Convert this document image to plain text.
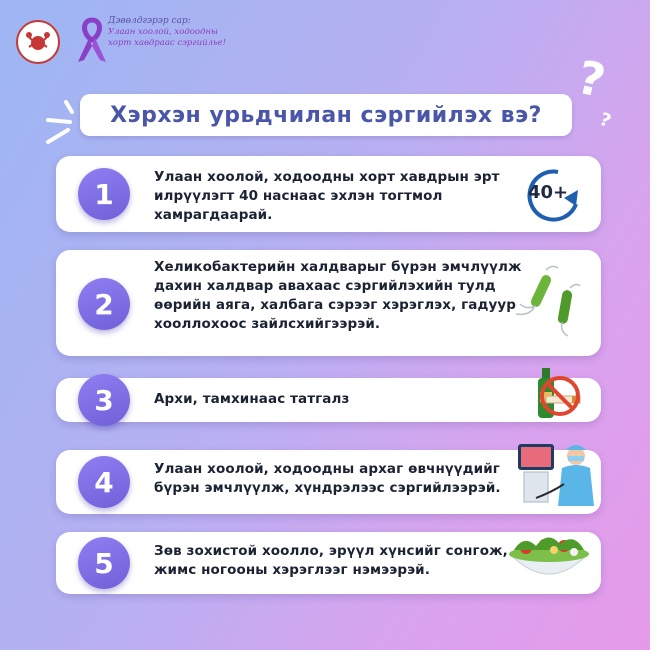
Дэвөлдгэрэр сар:
Улаан хоолой, ходоодны
хорт хавдраас сэргийлье!
?
?
Хэрхэн урьдчилан сэргийлэх вэ?
1
Улаан хоолой, ходоодны хорт хавдрын эрт илрүүлэгт 40 наснаас эхлэн тогтмол хамрагдаарай.
40+
2
Хеликобактерийн халдварыг бүрэн эмчлүүлж дахин халдвар авахаас сэргийлэхийн тулд өөрийн аяга, халбага сэрээг хэрэглэх, гадуур хооллохоос зайлсхийгээрэй.
3	Архи, тамхинаас татгалз
4	Улаан хоолой, ходоодны архаг өвчнүүдийг бүрэн эмчлүүлж, хүндрэлээс сэргийлээрэй.
5	Зөв зохистой хоолло, эрүүл хүнсийг сонгож, жимс ногооны хэрэглээг нэмээрэй.
